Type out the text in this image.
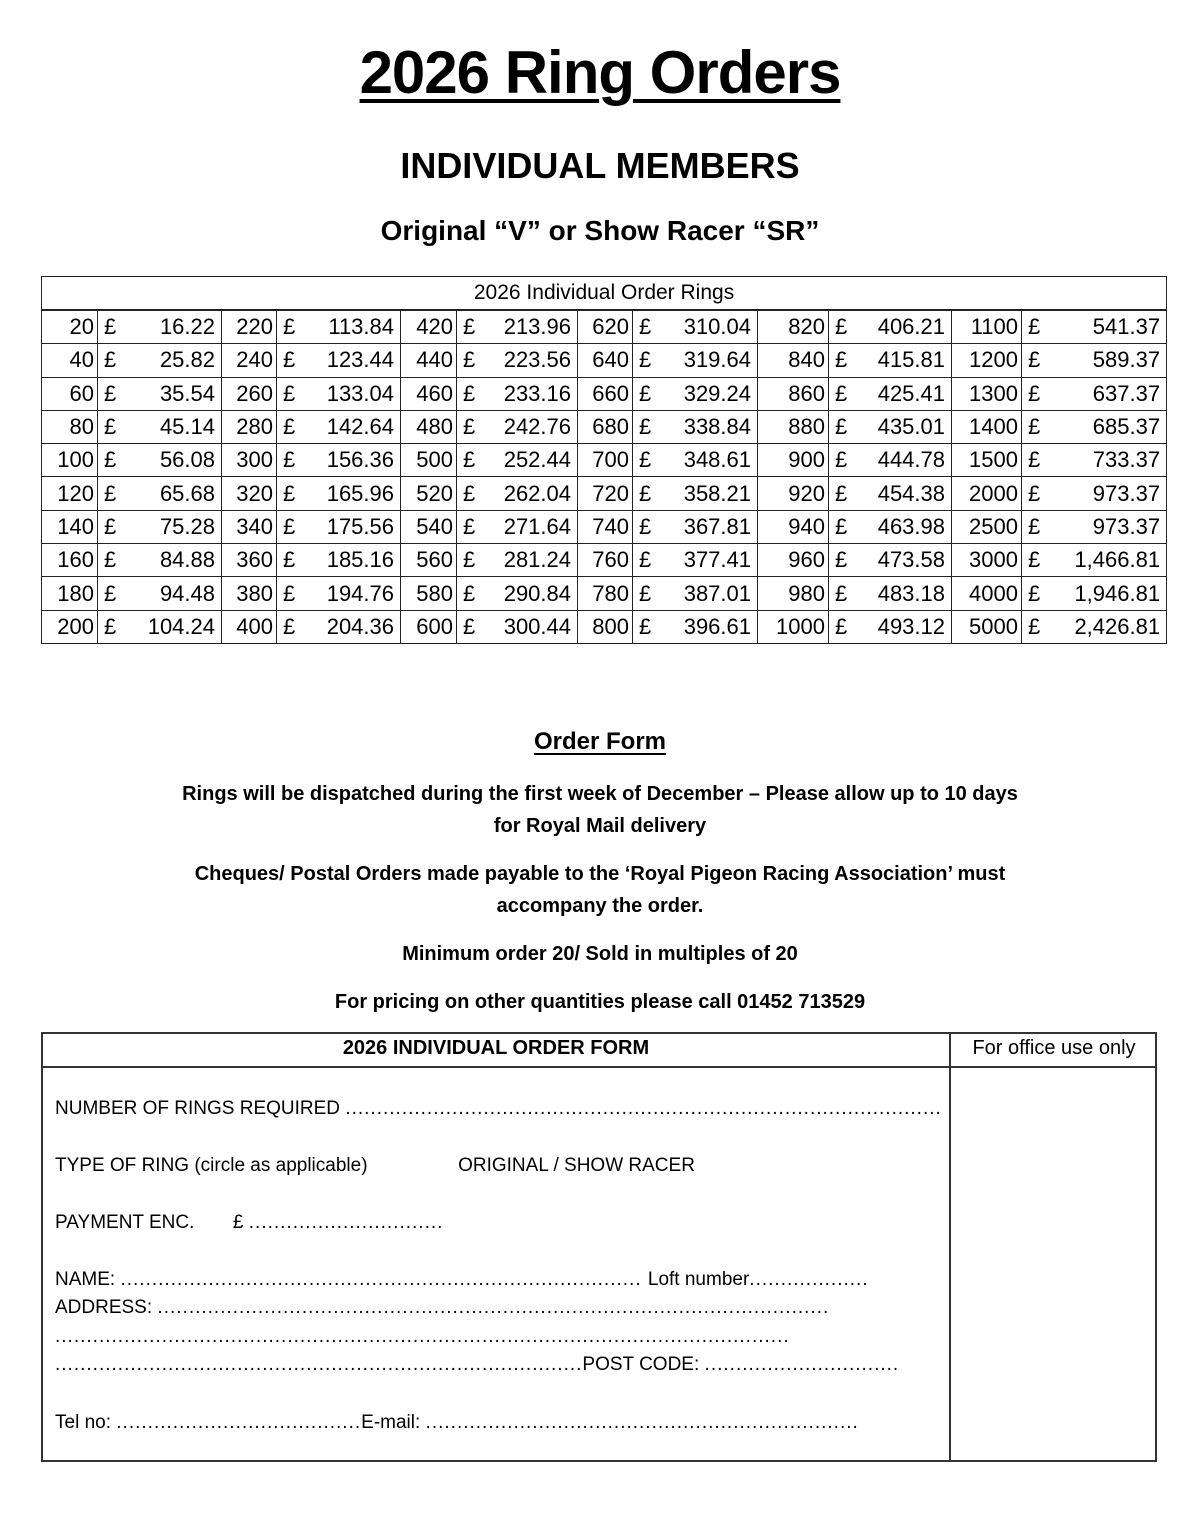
2026 Ring Orders
INDIVIDUAL MEMBERS
Original “V” or Show Racer “SR”
2026 Individual Order Rings											
20	£ 16.22	220	£ 113.84	420	£ 213.96	620	£ 310.04	820	£ 406.21	1100	£ 541.37

40	£ 25.82	240	£ 123.44	440	£ 223.56	640	£ 319.64	840	£ 415.81	1200	£ 589.37

60	£ 35.54	260	£ 133.04	460	£ 233.16	660	£ 329.24	860	£ 425.41	1300	£ 637.37

80	£ 45.14	280	£ 142.64	480	£ 242.76	680	£ 338.84	880	£ 435.01	1400	£ 685.37

100	£ 56.08	300	£ 156.36	500	£ 252.44	700	£ 348.61	900	£ 444.78	1500	£ 733.37

120	£ 65.68	320	£ 165.96	520	£ 262.04	720	£ 358.21	920	£ 454.38	2000	£ 973.37

140	£ 75.28	340	£ 175.56	540	£ 271.64	740	£ 367.81	940	£ 463.98	2500	£ 973.37

160	£ 84.88	360	£ 185.16	560	£ 281.24	760	£ 377.41	960	£ 473.58	3000	£ 1,466.81

180	£ 94.48	380	£ 194.76	580	£ 290.84	780	£ 387.01	980	£ 483.18	4000	£ 1,946.81

200	£ 104.24	400	£ 204.36	600	£ 300.44	800	£ 396.61	1000	£ 493.12	5000	£ 2,426.81
Order Form
Rings will be dispatched during the first week of December – Please allow up to 10 days
for Royal Mail delivery
Cheques/ Postal Orders made payable to the ‘Royal Pigeon Racing Association’ must
accompany the order.
Minimum order 20/ Sold in multiples of 20
For pricing on other quantities please call 01452 713529
2026 INDIVIDUAL ORDER FORM	For office use only
NUMBER OF RINGS REQUIRED ...............................................................................................
TYPE OF RING (circle as applicable)	ORIGINAL / SHOW RACER
PAYMENT ENC. £ ...............................
NAME: ................................................................................... Loft number...................
ADDRESS: ...........................................................................................................
.....................................................................................................................
....................................................................................POST CODE: ...............................
Tel no: .......................................E-mail: .....................................................................
